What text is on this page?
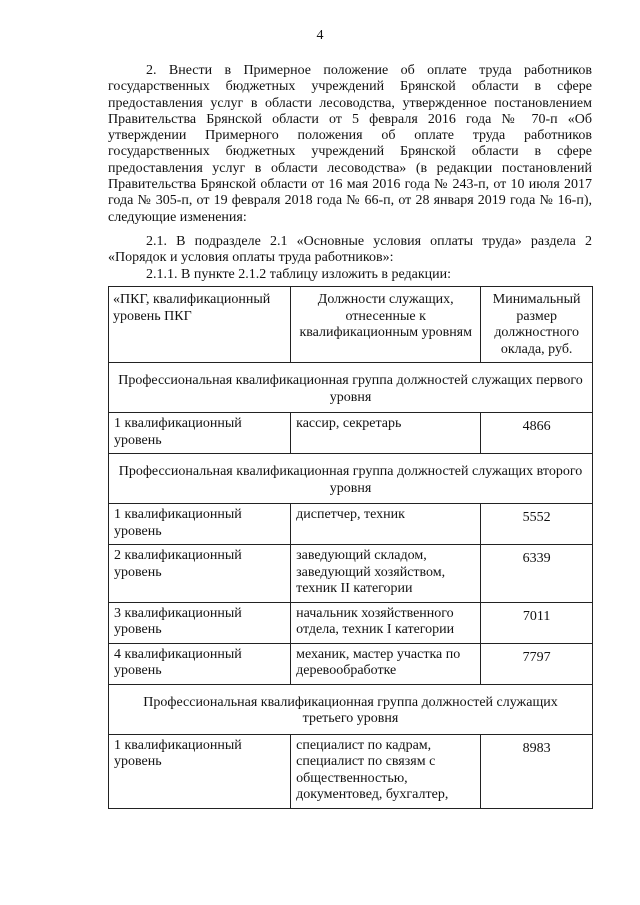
4

2. Внести в Примерное положение об оплате труда работников государственных бюджетных учреждений Брянской области в сфере предоставления услуг в области лесоводства, утвержденное постановлением Правительства Брянской области от 5 февраля 2016 года № 70-п «Об утверждении Примерного положения об оплате труда работников государственных бюджетных учреждений Брянской области в сфере предоставления услуг в области лесоводства» (в редакции постановлений Правительства Брянской области от 16 мая 2016 года № 243-п, от 10 июля 2017 года № 305-п, от 19 февраля 2018 года № 66-п, от 28 января 2019 года № 16-п), следующие изменения:

2.1. В подразделе 2.1 «Основные условия оплаты труда» раздела 2 «Порядок и условия оплаты труда работников»:

2.1.1. В пункте 2.1.2 таблицу изложить в редакции:

«ПКГ, квалификационный уровень ПКГ	Должности служащих, отнесенные к квалификационным уровням	Минимальный размер должностного оклада, руб.
Профессиональная квалификационная группа должностей служащих первого уровня		
1 квалификационный уровень	кассир, секретарь	4866
Профессиональная квалификационная группа должностей служащих второго уровня		
1 квалификационный уровень	диспетчер, техник	5552
2 квалификационный уровень	заведующий складом, заведующий хозяйством, техник II категории	6339
3 квалификационный уровень	начальник хозяйственного отдела, техник I категории	7011
4 квалификационный уровень	механик, мастер участка по деревообработке	7797
Профессиональная квалификационная группа должностей служащих третьего уровня		
1 квалификационный уровень	специалист по кадрам, специалист по связям с общественностью, документовед, бухгалтер,	8983
